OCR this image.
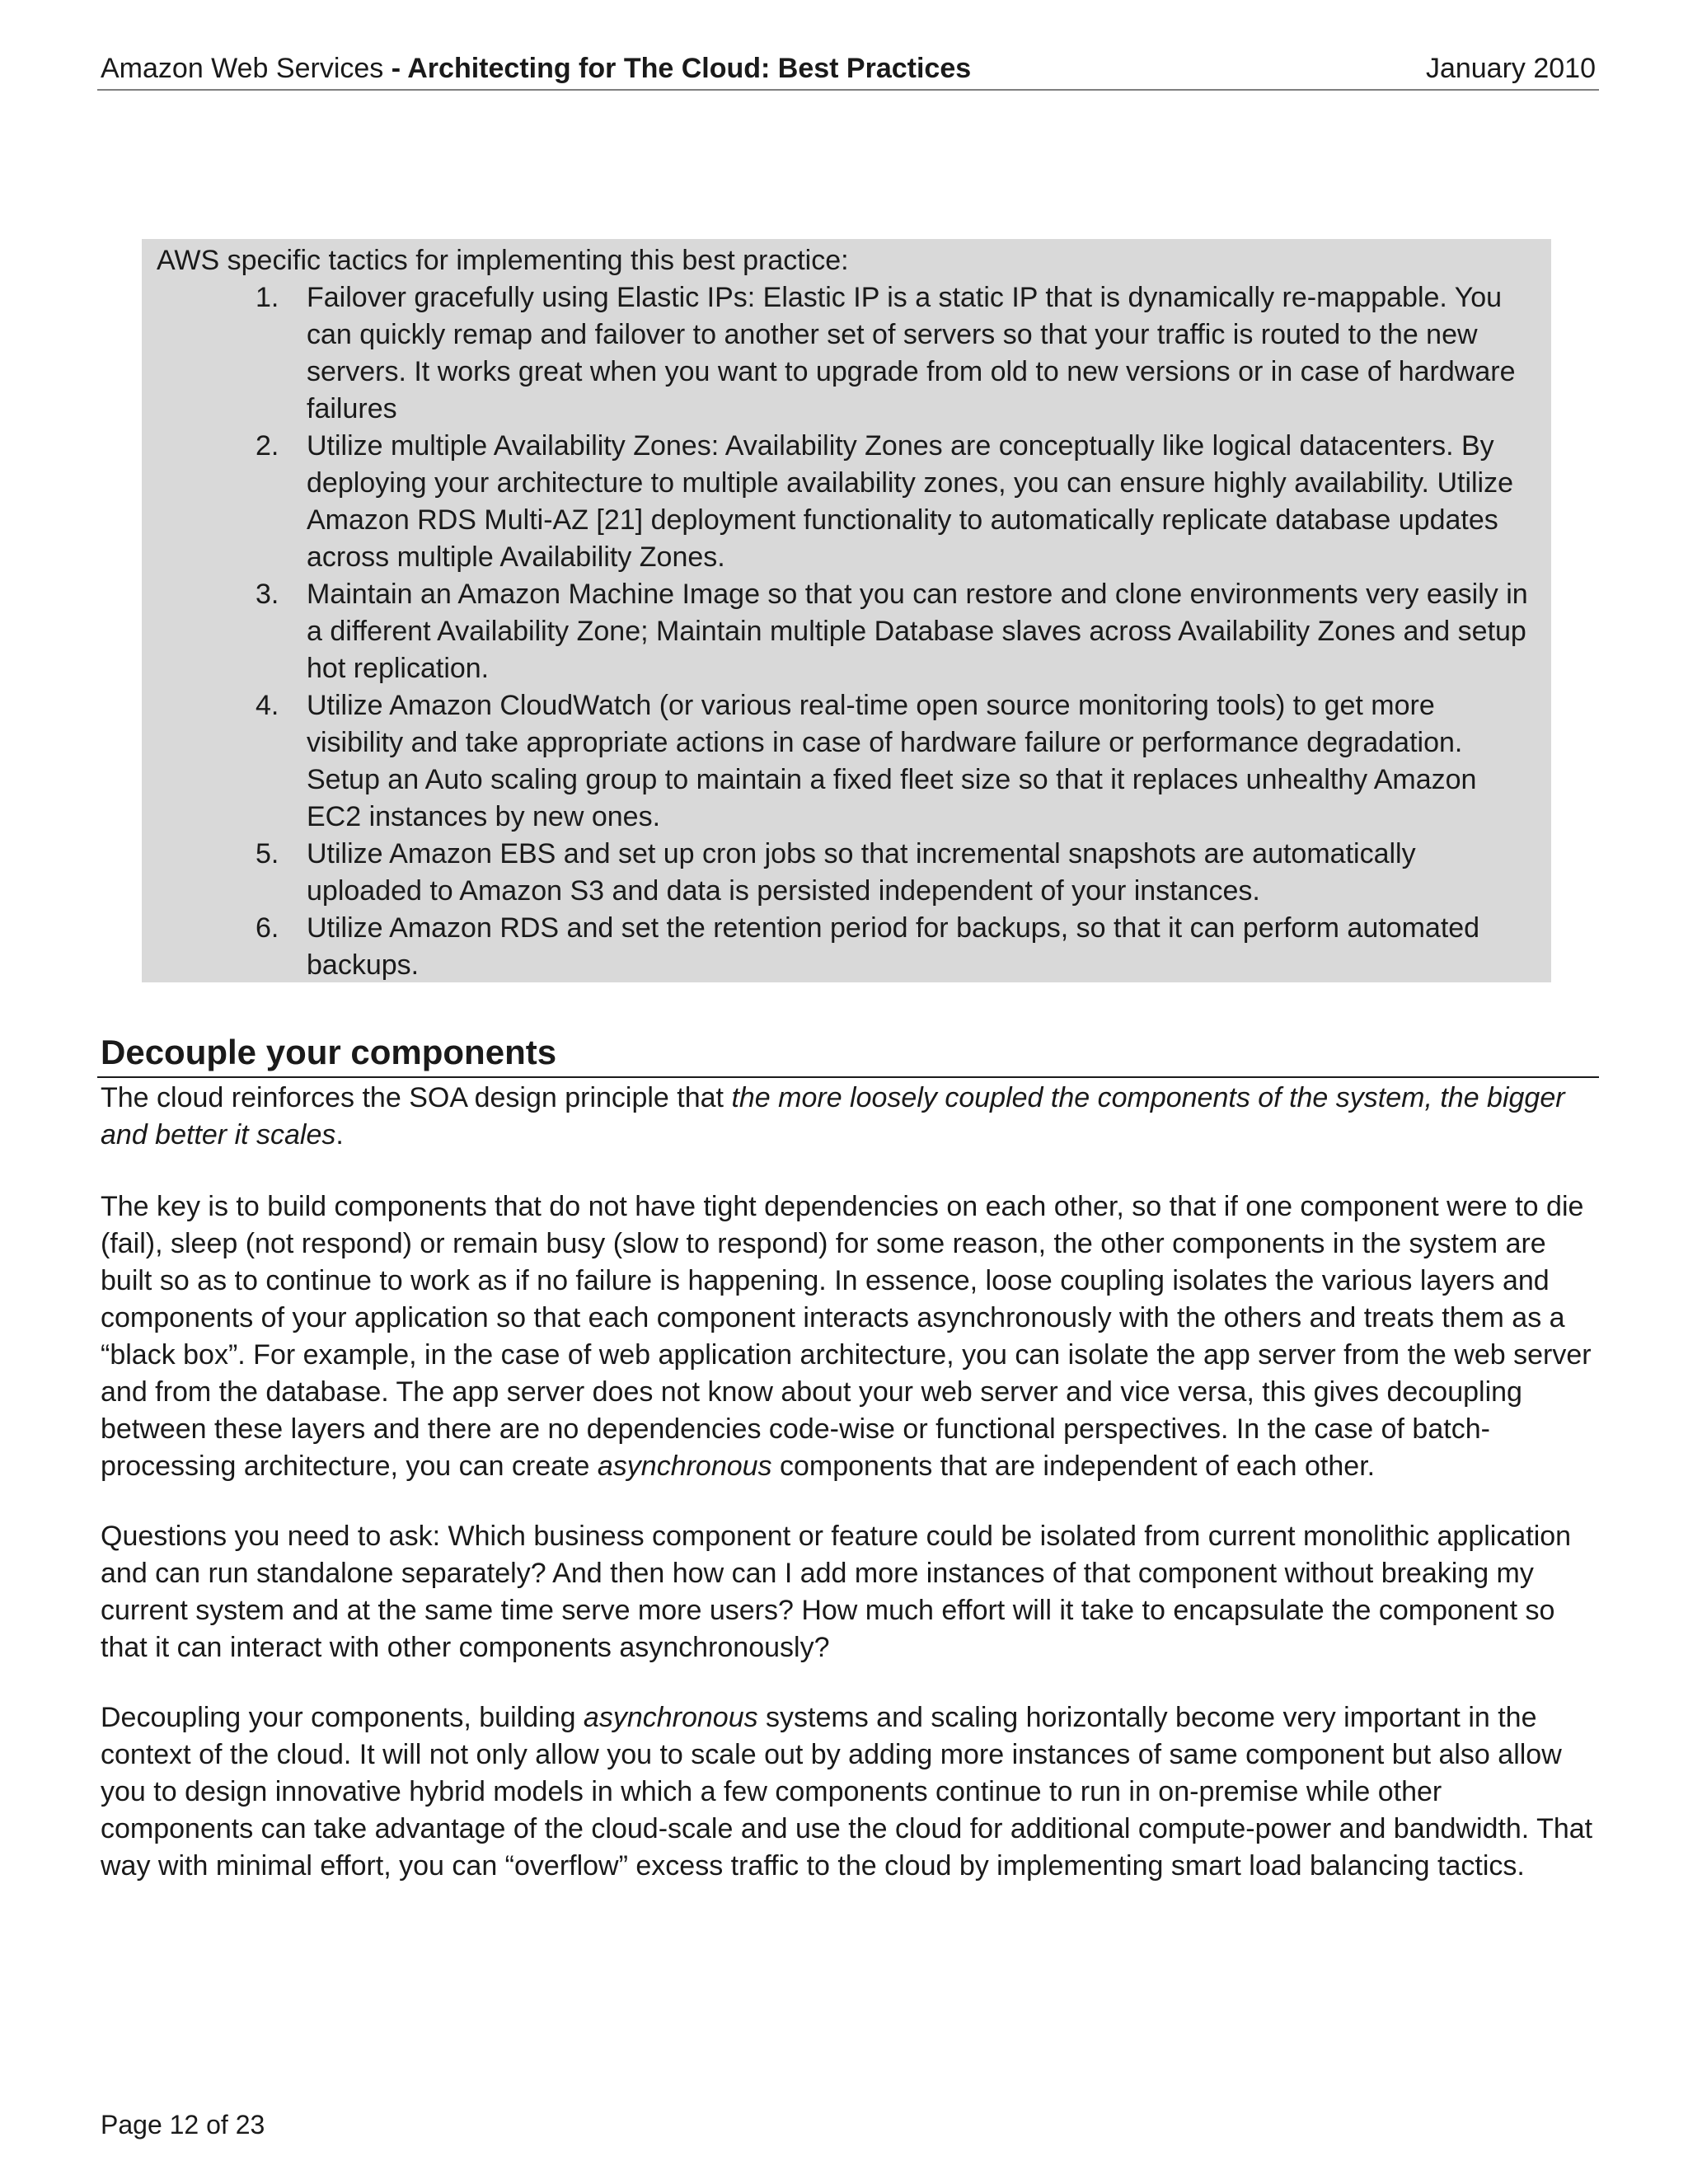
Amazon Web Services - Architecting for The Cloud: Best Practices	January 2010
AWS specific tactics for implementing this best practice:
1. Failover gracefully using Elastic IPs: Elastic IP is a static IP that is dynamically re-mappable. You can quickly remap and failover to another set of servers so that your traffic is routed to the new servers. It works great when you want to upgrade from old to new versions or in case of hardware failures
2. Utilize multiple Availability Zones: Availability Zones are conceptually like logical datacenters. By deploying your architecture to multiple availability zones, you can ensure highly availability. Utilize Amazon RDS Multi-AZ [21] deployment functionality to automatically replicate database updates across multiple Availability Zones.
3. Maintain an Amazon Machine Image so that you can restore and clone environments very easily in a different Availability Zone; Maintain multiple Database slaves across Availability Zones and setup hot replication.
4. Utilize Amazon CloudWatch (or various real-time open source monitoring tools) to get more visibility and take appropriate actions in case of hardware failure or performance degradation. Setup an Auto scaling group to maintain a fixed fleet size so that it replaces unhealthy Amazon EC2 instances by new ones.
5. Utilize Amazon EBS and set up cron jobs so that incremental snapshots are automatically uploaded to Amazon S3 and data is persisted independent of your instances.
6. Utilize Amazon RDS and set the retention period for backups, so that it can perform automated backups.
Decouple your components

The cloud reinforces the SOA design principle that the more loosely coupled the components of the system, the bigger and better it scales.

The key is to build components that do not have tight dependencies on each other, so that if one component were to die (fail), sleep (not respond) or remain busy (slow to respond) for some reason, the other components in the system are built so as to continue to work as if no failure is happening. In essence, loose coupling isolates the various layers and components of your application so that each component interacts asynchronously with the others and treats them as a “black box”. For example, in the case of web application architecture, you can isolate the app server from the web server and from the database. The app server does not know about your web server and vice versa, this gives decoupling between these layers and there are no dependencies code-wise or functional perspectives. In the case of batch-processing architecture, you can create asynchronous components that are independent of each other.

Questions you need to ask: Which business component or feature could be isolated from current monolithic application and can run standalone separately? And then how can I add more instances of that component without breaking my current system and at the same time serve more users? How much effort will it take to encapsulate the component so that it can interact with other components asynchronously?

Decoupling your components, building asynchronous systems and scaling horizontally become very important in the context of the cloud. It will not only allow you to scale out by adding more instances of same component but also allow you to design innovative hybrid models in which a few components continue to run in on-premise while other components can take advantage of the cloud-scale and use the cloud for additional compute-power and bandwidth. That way with minimal effort, you can “overflow” excess traffic to the cloud by implementing smart load balancing tactics.

Page 12 of 23
